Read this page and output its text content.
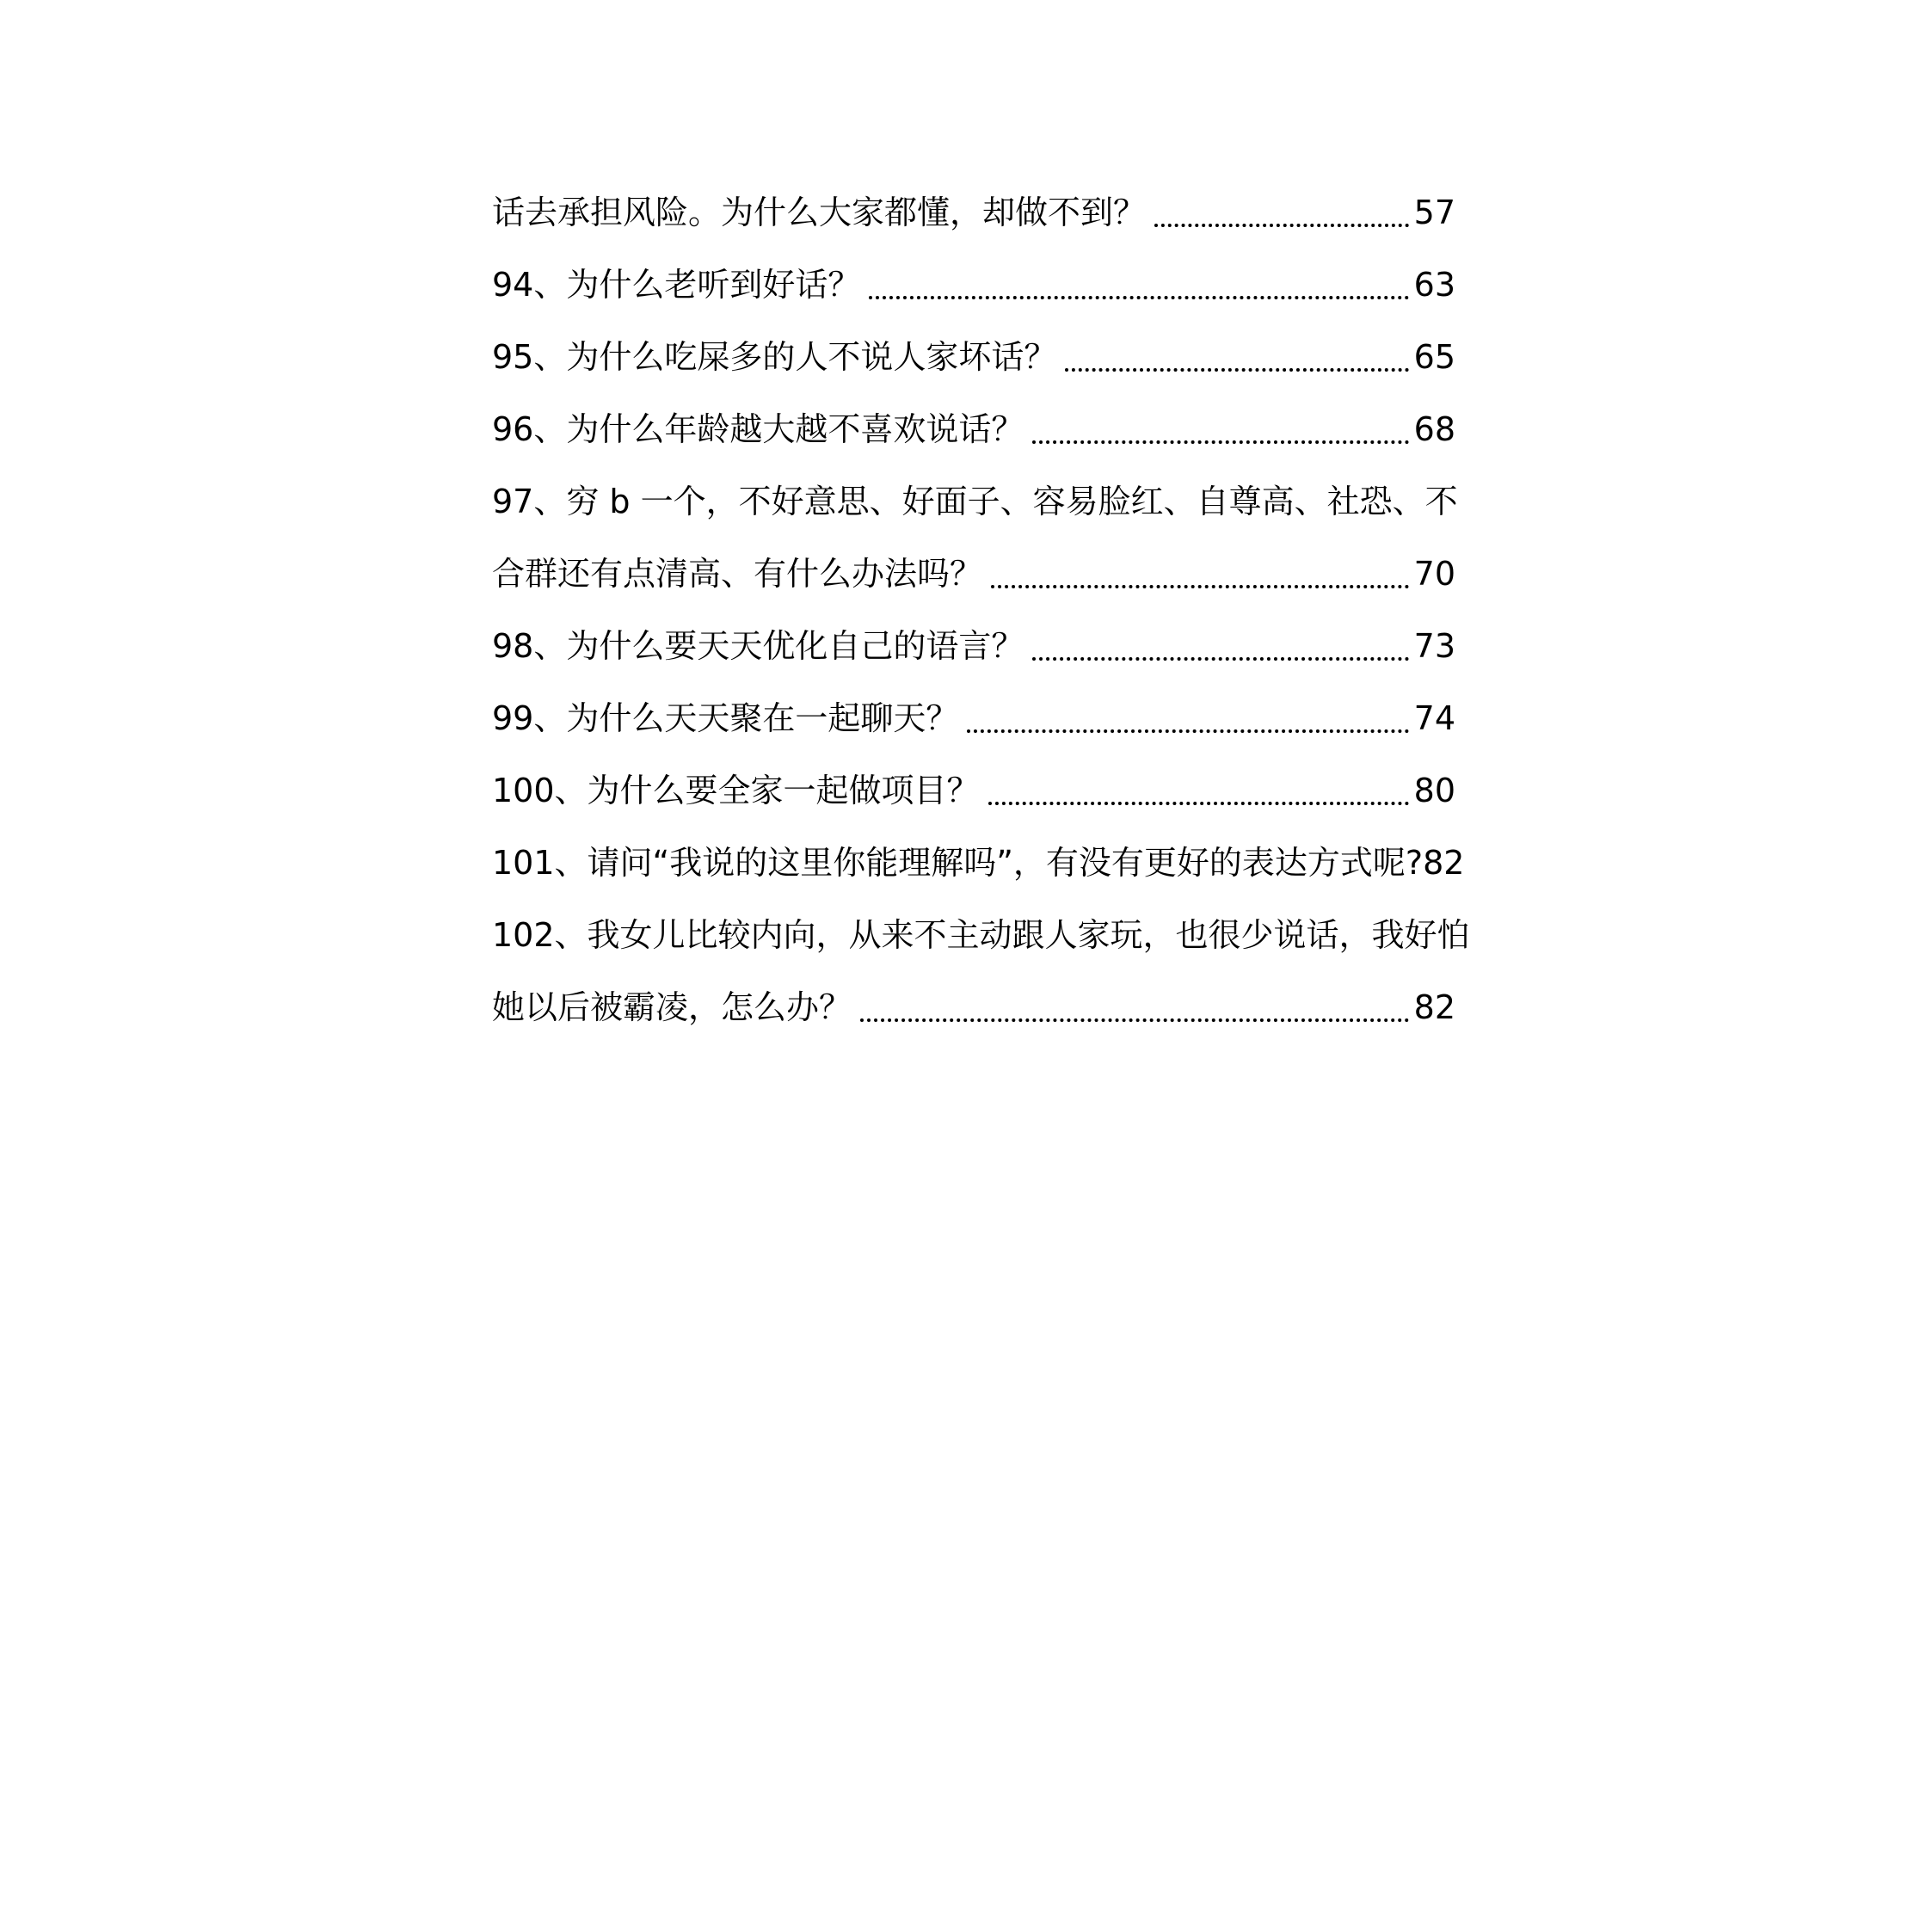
话去承担风险。为什么大家都懂，却做不到？	57
94、为什么老听到好话？	63
95、为什么吃屎多的人不说人家坏话？	65
96、为什么年龄越大越不喜欢说话？	68
97、穷 b 一个，不好意思、好面子、容易脸红、自尊高、社恐、不
合群还有点清高、有什么办法吗？	70
98、为什么要天天优化自己的语言？	73
99、为什么天天聚在一起聊天？	74
100、为什么要全家一起做项目？	80
101、请问“我说的这里你能理解吗”，有没有更好的表达方式呢?82
102、我女儿比较内向，从来不主动跟人家玩，也很少说话，我好怕
她以后被霸凌，怎么办？	82
